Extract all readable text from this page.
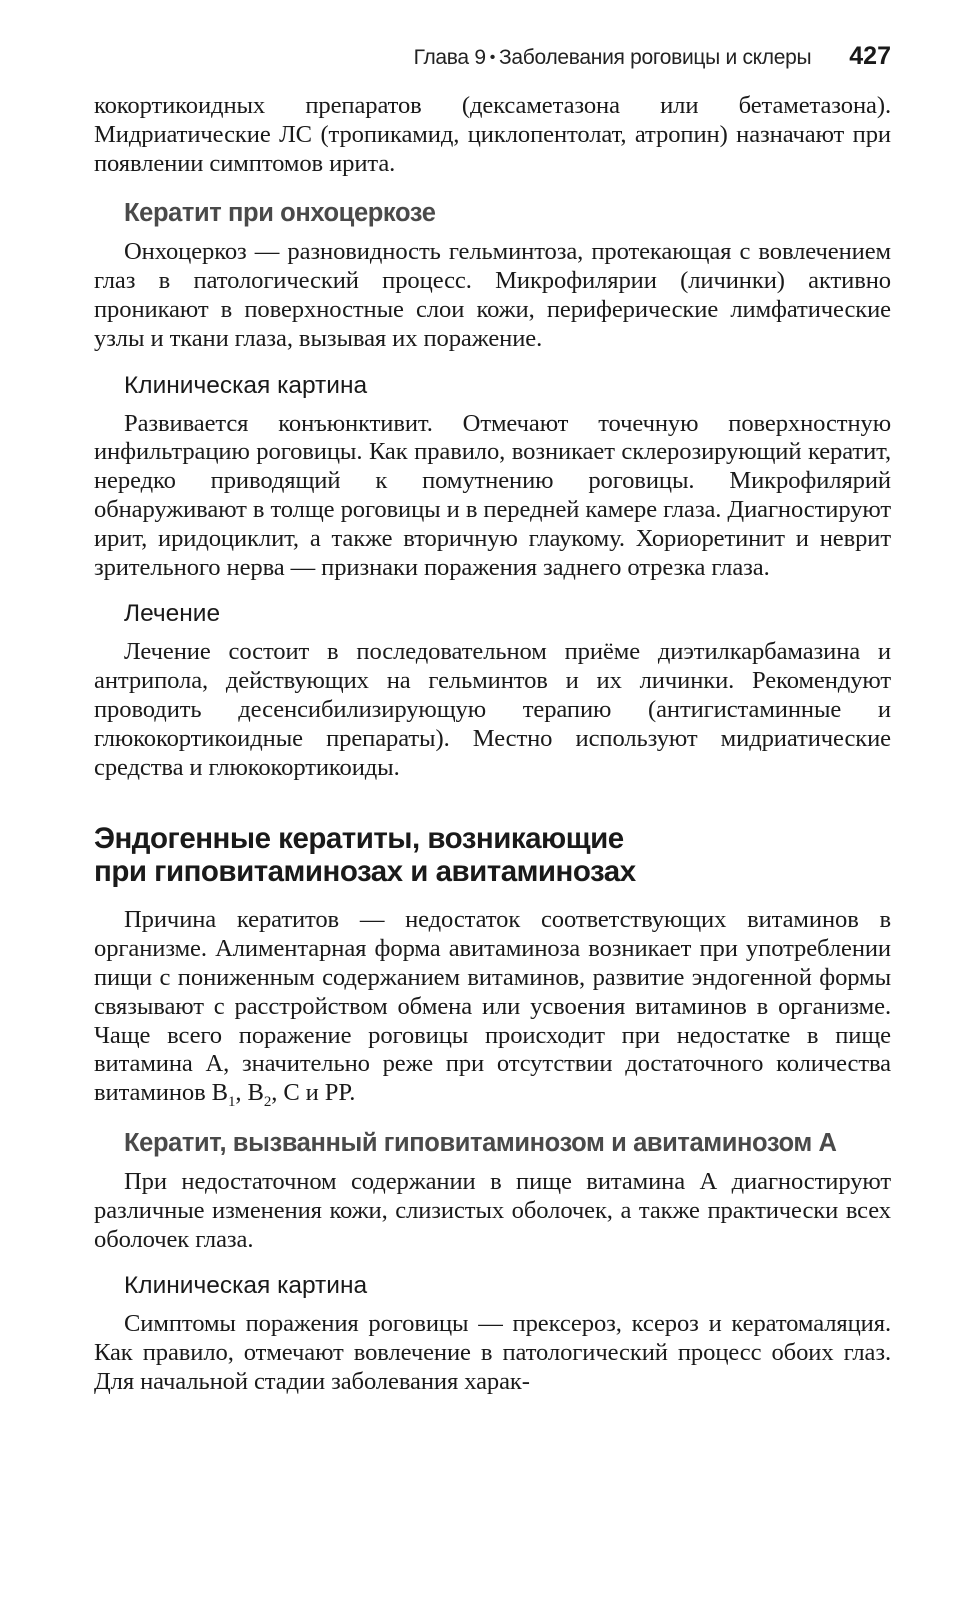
Глава 9 • Заболевания роговицы и склеры 427

кокортикоидных препаратов (дексаметазона или бетаметазона). Мидриатические ЛС (тропикамид, циклопентолат, атропин) назначают при появлении симптомов ирита.

Кератит при онхоцеркозе

Онхоцеркоз — разновидность гельминтоза, протекающая с вовлечением глаз в патологический процесс. Микрофилярии (личинки) активно проникают в поверхностные слои кожи, периферические лимфатические узлы и ткани глаза, вызывая их поражение.

Клиническая картина

Развивается конъюнктивит. Отмечают точечную поверхностную инфильтрацию роговицы. Как правило, возникает склерозирующий кератит, нередко приводящий к помутнению роговицы. Микрофилярий обнаруживают в толще роговицы и в передней камере глаза. Диагностируют ирит, иридоциклит, а также вторичную глаукому. Хориоретинит и неврит зрительного нерва — признаки поражения заднего отрезка глаза.

Лечение

Лечение состоит в последовательном приёме диэтилкарбамазина и антрипола, действующих на гельминтов и их личинки. Рекомендуют проводить десенсибилизирующую терапию (антигистаминные и глюкокортикоидные препараты). Местно используют мидриатические средства и глюкокортикоиды.

Эндогенные кератиты, возникающие
при гиповитаминозах и авитаминозах

Причина кератитов — недостаток соответствующих витаминов в организме. Алиментарная форма авитаминоза возникает при употреблении пищи с пониженным содержанием витаминов, развитие эндогенной формы связывают с расстройством обмена или усвоения витаминов в организме. Чаще всего поражение роговицы происходит при недостатке в пище витамина А, значительно реже при отсутствии достаточного количества витаминов $B_1$, $B_2$, C и PP.

Кератит, вызванный гиповитаминозом и авитаминозом А

При недостаточном содержании в пище витамина А диагностируют различные изменения кожи, слизистых оболочек, а также практически всех оболочек глаза.

Клиническая картина

Симптомы поражения роговицы — прексероз, ксероз и кератомаляция. Как правило, отмечают вовлечение в патологический процесс обоих глаз. Для начальной стадии заболевания харак-
